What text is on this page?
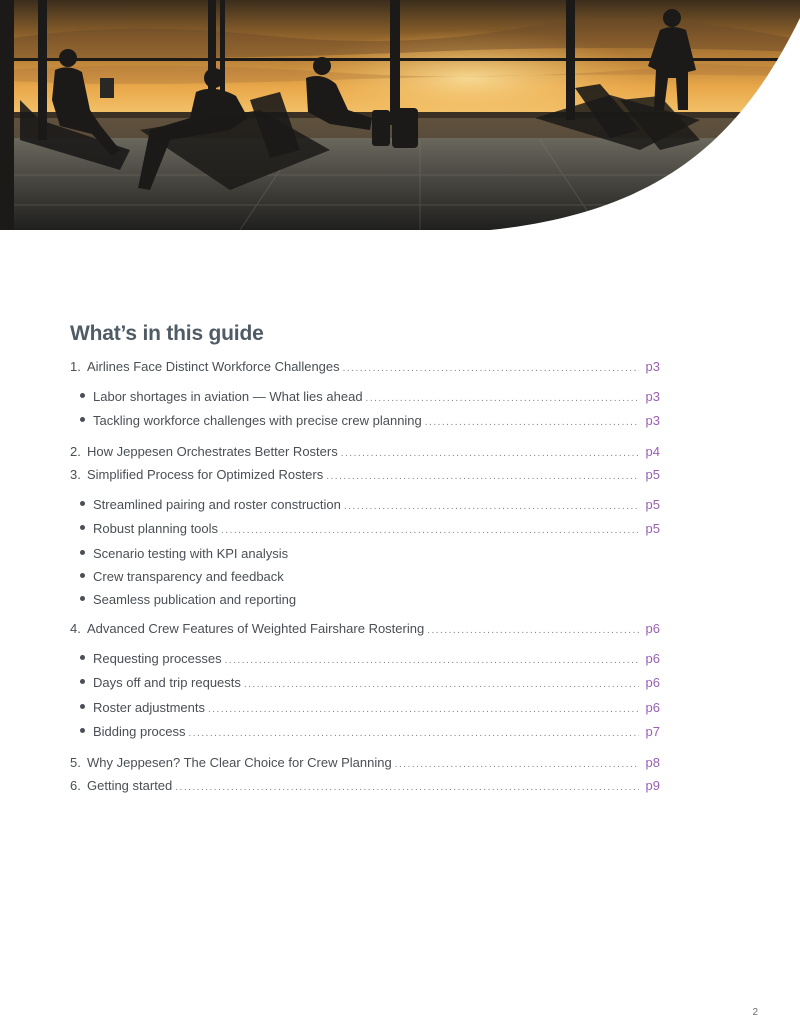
What’s in this guide
1. Airlines Face Distinct Workforce Challenges .....	p3
Labor shortages in aviation — What lies ahead .....	p3
Tackling workforce challenges with precise crew planning .....	p3
2. How Jeppesen Orchestrates Better Rosters .....	p4
3. Simplified Process for Optimized Rosters .....	p5
Streamlined pairing and roster construction .....	p5
Robust planning tools .....	p5
Scenario testing with KPI analysis
Crew transparency and feedback
Seamless publication and reporting
4. Advanced Crew Features of Weighted Fairshare Rostering .....	p6
Requesting processes .....	p6
Days off and trip requests .....	p6
Roster adjustments .....	p6
Bidding process .....	p7
5. Why Jeppesen? The Clear Choice for Crew Planning .....	p8
6. Getting started .....	p9
2
